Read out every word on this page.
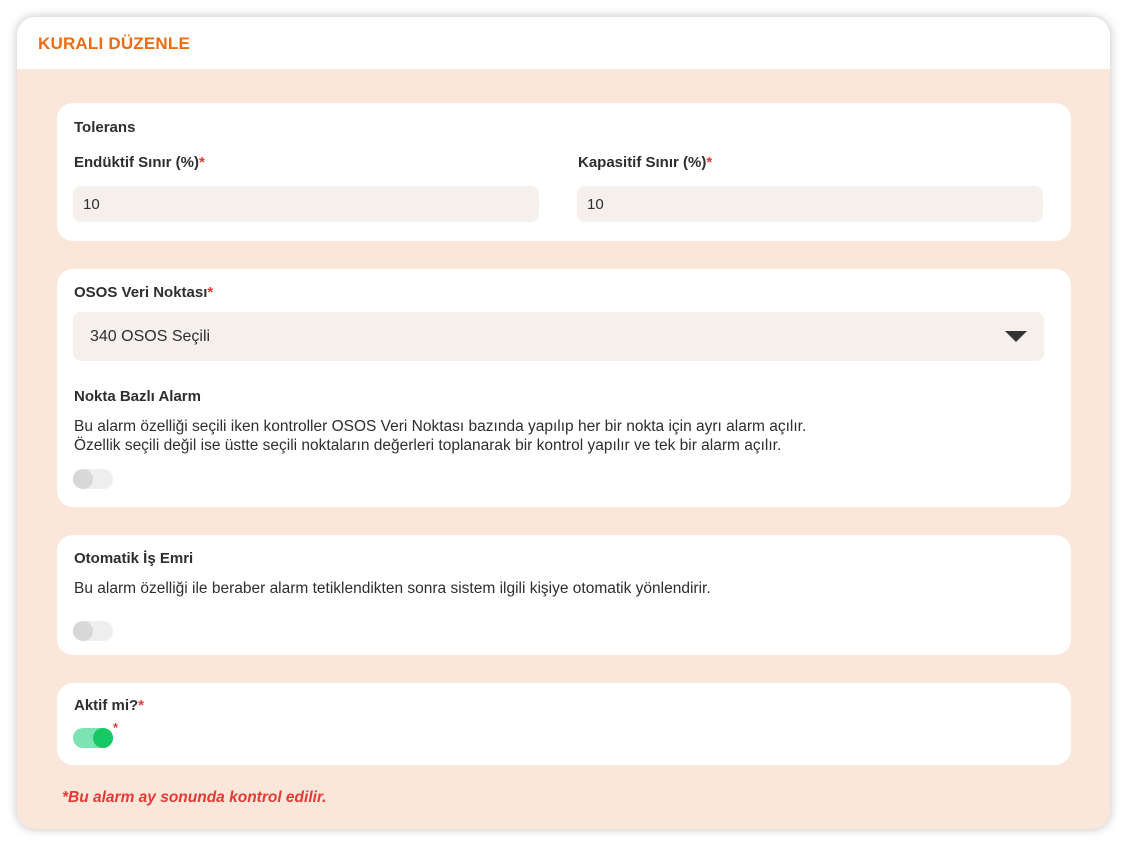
KURALI DÜZENLE
Tolerans
Endüktif Sınır (%)*
10	Kapasitif Sınır (%)*
10
OSOS Veri Noktası*
340 OSOS Seçili
Nokta Bazlı Alarm
Bu alarm özelliği seçili iken kontroller OSOS Veri Noktası bazında yapılıp her bir nokta için ayrı alarm açılır.
Özellik seçili değil ise üstte seçili noktaların değerleri toplanarak bir kontrol yapılır ve tek bir alarm açılır.
Otomatik İş Emri
Bu alarm özelliği ile beraber alarm tetiklendikten sonra sistem ilgili kişiye otomatik yönlendirir.
Aktif mi?*
*
*Bu alarm ay sonunda kontrol edilir.
